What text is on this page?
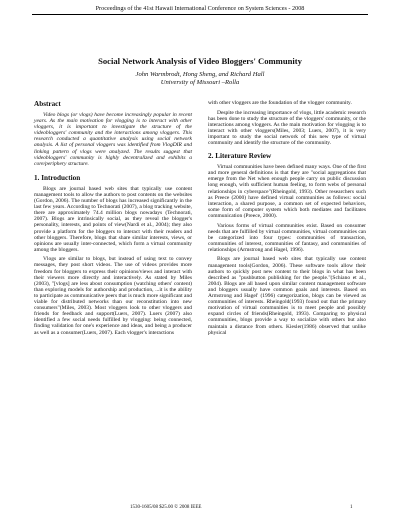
Proceedings of the 41st Hawaii International Conference on System Sciences - 2008
Social Network Analysis of Video Bloggers' Community
John Warmbrodt, Hong Sheng, and Richard Hall
University of Missouri –Rolla
Abstract

Video blogs (or vlogs) have become increasingly popular in recent years. As the main motivation for vlogging is to interact with other vloggers, it is important to investigate the structure of the videobloggers' community and the interactions among vloggers. This research conducted a quantitative analysis using social network analysis. A list of personal vloggers was identified from VlogDIR and linking pattern of vlogs were analyzed. The results suggest that videobloggers' community is highly decentralized and exhibits a core/periphery structure.

1. Introduction

Blogs are journal based web sites that typically use content management tools to allow the authors to post contents on the websites (Gordon, 2006). The number of blogs has increased significantly in the last few years. According to Technorati (2007), a blog tracking website, there are approximately 74.4 million blogs nowadays (Technorati, 2007). Blogs are intrinsically social, as they reveal the blogger's personality, interests, and points of view(Nardi et al., 2004); they also provide a platform for the bloggers to interact with their readers and other bloggers. Therefore, blogs that share similar interests, views, or opinions are usually inter-connected, which form a virtual community among the bloggers.

Vlogs are similar to blogs, but instead of using text to convey messages, they post short videos. The use of videos provides more freedom for bloggers to express their opinions/views and interact with their viewers more directly and interactively. As stated by Miles (2003), "[vlogs] are less about consumption (watching others' content) than exploring models for authorship and production, ...it is the ability to participate as communicative peers that is much more significant and viable for distributed networks than our reconstitution into new consumers"(Miles, 2003). Most vloggers look to other vloggers and friends for feedback and support(Luers, 2007). Luers (2007) also identified a few social needs fulfilled by vlogging: being connected, finding validation for one's experience and ideas, and being a producer as well as a consumer(Luers, 2007). Each vlogger's interactions

with other vloggers are the foundation of the vlogger community.

Despite the increasing importance of vlogs, little academic research has been done to study the structure of the vloggers' community, or the interactions among vloggers. As the main motivation for vlogging is to interact with other vloggers(Miles, 2003; Luers, 2007), it is very important to study the social network of this new type of virtual community and identify the structure of the community.

2. Literature Review

Virtual communities have been defined many ways. One of the first and more general definitions is that they are "social aggregations that emerge from the Net when enough people carry on public discussion long enough, with sufficient human feeling, to form webs of personal relationships in cyberspace"(Rheingold, 1993). Other researchers such as Preece (2000) have defined virtual communities as follows: social interaction, a shared purpose, a common set of expected behaviors, some form of computer system which both mediates and facilitates communication (Preece, 2000).

Various forms of virtual communities exist. Based on consumer needs that are fulfilled by virtual communities, virtual communities can be categorized into four types: communities of transaction, communities of interest, communities of fantasy, and communities of relationships (Armstrong and Hagel, 1996).

Blogs are journal based web sites that typically use content management tools(Gordon, 2006). These software tools allow their authors to quickly post new content to their blogs in what has been described as "pushbutton publishing for the people."(Schiano et al., 2004). Blogs are all based upon similar content management software and bloggers usually have common goals and interests. Based on Armstrong and Hagel' (1996) categorization, blogs can be viewed as communities of interests. Rheingold(1993) found out that the primary motivation of virtual communities is to meet people and possibly expand circles of friends(Rheingold, 1993). Comparing to physical communities, blogs provide a way to socialize with others but also maintain a distance from others. Kiesler(1986) observed that unlike physical

1530-1605/08 $25.00 © 2008 IEEE	1
